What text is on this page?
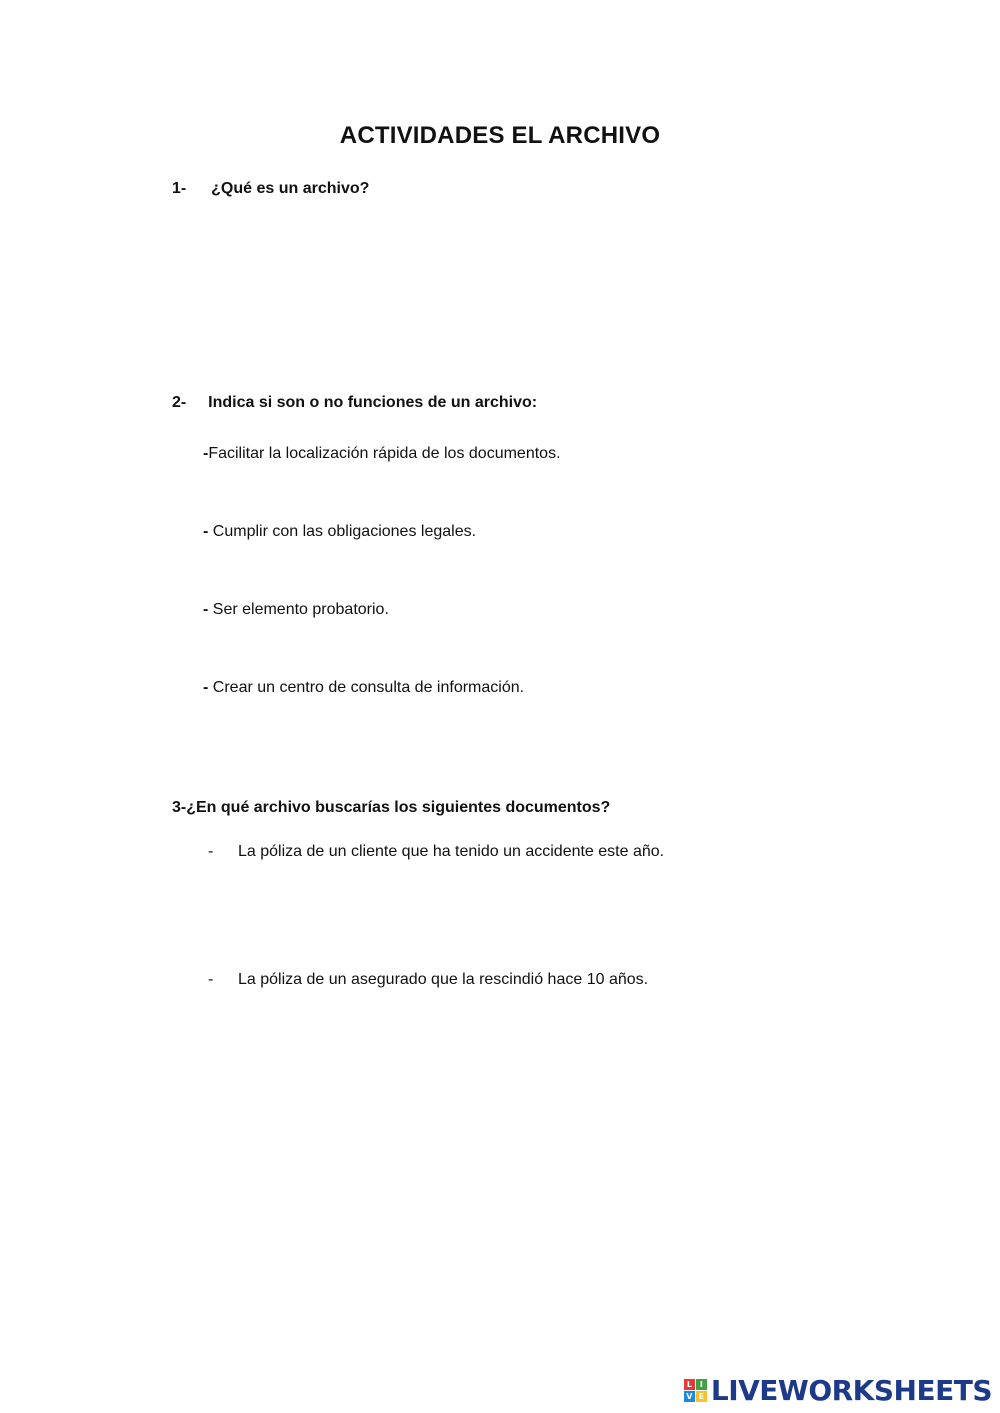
ACTIVIDADES EL ARCHIVO
1- ¿Qué es un archivo?
2- Indica si son o no funciones de un archivo:
-Facilitar la localización rápida de los documentos.
- Cumplir con las obligaciones legales.
- Ser elemento probatorio.
- Crear un centro de consulta de información.
3-¿En qué archivo buscarías los siguientes documentos?
- La póliza de un cliente que ha tenido un accidente este año.
- La póliza de un asegurado que la rescindió hace 10 años.
L I
V E LIVEWORKSHEETS
